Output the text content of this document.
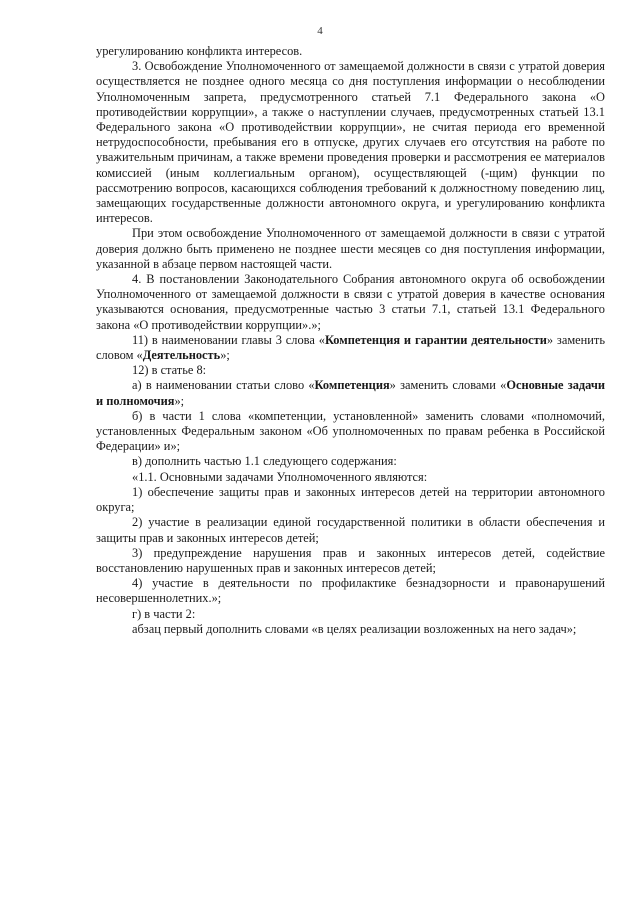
4

урегулированию конфликта интересов.

3. Освобождение Уполномоченного от замещаемой должности в связи с утратой доверия осуществляется не позднее одного месяца со дня поступления информации о несоблюдении Уполномоченным запрета, предусмотренного статьей 7.1 Федерального закона «О противодействии коррупции», а также о наступлении случаев, предусмотренных статьей 13.1 Федерального закона «О противодействии коррупции», не считая периода его временной нетрудоспособности, пребывания его в отпуске, других случаев его отсутствия на работе по уважительным причинам, а также времени проведения проверки и рассмотрения ее материалов комиссией (иным коллегиальным органом), осуществляющей (-щим) функции по рассмотрению вопросов, касающихся соблюдения требований к должностному поведению лиц, замещающих государственные должности автономного округа, и урегулированию конфликта интересов.

При этом освобождение Уполномоченного от замещаемой должности в связи с утратой доверия должно быть применено не позднее шести месяцев со дня поступления информации, указанной в абзаце первом настоящей части.

4. В постановлении Законодательного Собрания автономного округа об освобождении Уполномоченного от замещаемой должности в связи с утратой доверия в качестве основания указываются основания, предусмотренные частью 3 статьи 7.1, статьей 13.1 Федерального закона «О противодействии коррупции».»;

11) в наименовании главы 3 слова «Компетенция и гарантии деятельности» заменить словом «Деятельность»;

12) в статье 8:

а) в наименовании статьи слово «Компетенция» заменить словами «Основные задачи и полномочия»;

б) в части 1 слова «компетенции, установленной» заменить словами «полномочий, установленных Федеральным законом «Об уполномоченных по правам ребенка в Российской Федерации» и»;

в) дополнить частью 1.1 следующего содержания:

«1.1. Основными задачами Уполномоченного являются:

1) обеспечение защиты прав и законных интересов детей на территории автономного округа;

2) участие в реализации единой государственной политики в области обеспечения и защиты прав и законных интересов детей;

3) предупреждение нарушения прав и законных интересов детей, содействие восстановлению нарушенных прав и законных интересов детей;

4) участие в деятельности по профилактике безнадзорности и правонарушений несовершеннолетних.»;

г) в части 2:

абзац первый дополнить словами «в целях реализации возложенных на него задач»;
